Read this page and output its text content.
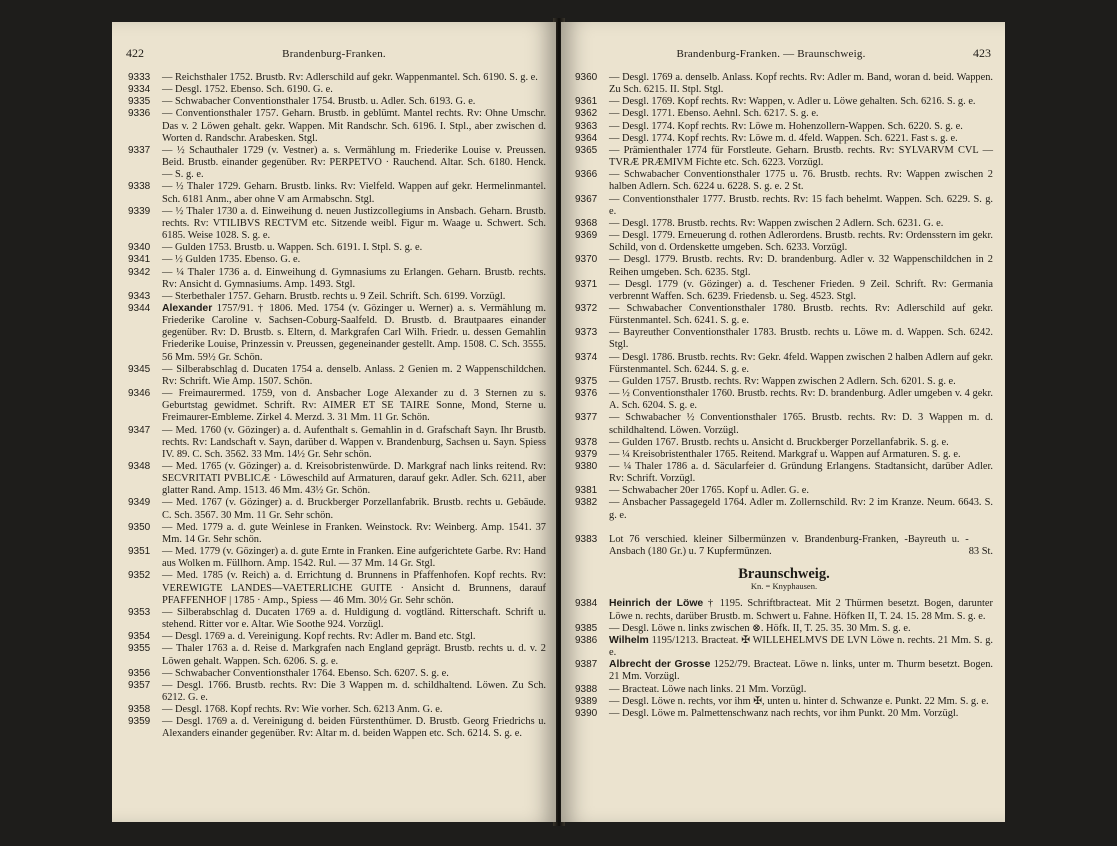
422	Brandenburg-Franken.
9333	— Reichsthaler 1752. Brustb. Rv: Adlerschild auf gekr. Wappenmantel. Sch. 6190. S. g. e.
9334	— Desgl. 1752. Ebenso. Sch. 6190. G. e.
9335	— Schwabacher Conventionsthaler 1754. Brustb. u. Adler. Sch. 6193. G. e.
9336	— Conventionsthaler 1757. Geharn. Brustb. in geblümt. Mantel rechts. Rv: Ohne Umschr. Das v. 2 Löwen gehalt. gekr. Wappen. Mit Randschr. Sch. 6196. I. Stpl., aber zwischen d. Worten d. Randschr. Arabesken. Stgl.
9337	— ½ Schauthaler 1729 (v. Vestner) a. s. Vermählung m. Friederike Louise v. Preussen. Beid. Brustb. einander gegenüber. Rv: PERPETVO · Rauchend. Altar. Sch. 6180. Henck. — S. g. e.
9338	— ½ Thaler 1729. Geharn. Brustb. links. Rv: Vielfeld. Wappen auf gekr. Hermelinmantel. Sch. 6181 Anm., aber ohne V am Armabschn. Stgl.
9339	— ½ Thaler 1730 a. d. Einweihung d. neuen Justizcollegiums in Ansbach. Geharn. Brustb. rechts. Rv: VTILIBVS RECTVM etc. Sitzende weibl. Figur m. Waage u. Schwert. Sch. 6185. Weise 1028. S. g. e.
9340	— Gulden 1753. Brustb. u. Wappen. Sch. 6191. I. Stpl. S. g. e.
9341	— ½ Gulden 1735. Ebenso. G. e.
9342	— ¼ Thaler 1736 a. d. Einweihung d. Gymnasiums zu Erlangen. Geharn. Brustb. rechts. Rv: Ansicht d. Gymnasiums. Amp. 1493. Stgl.
9343	— Sterbethaler 1757. Geharn. Brustb. rechts u. 9 Zeil. Schrift. Sch. 6199. Vorzügl.
9344	Alexander 1757/91. † 1806. Med. 1754 (v. Gözinger u. Werner) a. s. Vermählung m. Friederike Caroline v. Sachsen-Coburg-Saalfeld. D. Brustb. d. Brautpaares einander gegenüber. Rv: D. Brustb. s. Eltern, d. Markgrafen Carl Wilh. Friedr. u. dessen Gemahlin Friederike Louise, Prinzessin v. Preussen, gegeneinander gestellt. Amp. 1508. C. Sch. 3555. 56 Mm. 59½ Gr. Schön.
9345	— Silberabschlag d. Ducaten 1754 a. denselb. Anlass. 2 Genien m. 2 Wappenschildchen. Rv: Schrift. Wie Amp. 1507. Schön.
9346	— Freimaurermed. 1759, von d. Ansbacher Loge Alexander zu d. 3 Sternen zu s. Geburtstag gewidmet. Schrift. Rv: AIMER ET SE TAIRE Sonne, Mond, Sterne u. Freimaurer-Embleme. Zirkel 4. Merzd. 3. 31 Mm. 11 Gr. Schön.
9347	— Med. 1760 (v. Gözinger) a. d. Aufenthalt s. Gemahlin in d. Grafschaft Sayn. Ihr Brustb. rechts. Rv: Landschaft v. Sayn, darüber d. Wappen v. Brandenburg, Sachsen u. Sayn. Spiess IV. 89. C. Sch. 3562. 33 Mm. 14½ Gr. Sehr schön.
9348	— Med. 1765 (v. Gözinger) a. d. Kreisobristenwürde. D. Markgraf nach links reitend. Rv: SECVRITATI PVBLICÆ · Löweschild auf Armaturen, darauf gekr. Adler. Sch. 6211, aber glatter Rand. Amp. 1513. 46 Mm. 43½ Gr. Schön.
9349	— Med. 1767 (v. Gözinger) a. d. Bruckberger Porzellanfabrik. Brustb. rechts u. Gebäude. C. Sch. 3567. 30 Mm. 11 Gr. Sehr schön.
9350	— Med. 1779 a. d. gute Weinlese in Franken. Weinstock. Rv: Weinberg. Amp. 1541. 37 Mm. 14 Gr. Sehr schön.
9351	— Med. 1779 (v. Gözinger) a. d. gute Ernte in Franken. Eine aufgerichtete Garbe. Rv: Hand aus Wolken m. Füllhorn. Amp. 1542. Rul. — 37 Mm. 14 Gr. Stgl.
9352	— Med. 1785 (v. Reich) a. d. Errichtung d. Brunnens in Pfaffenhofen. Kopf rechts. Rv: VEREWIGTE LANDES—VAETERLICHE GUITE · Ansicht d. Brunnens, darauf PFAFFENHOF | 1785 · Amp., Spiess — 46 Mm. 30½ Gr. Sehr schön.
9353	— Silberabschlag d. Ducaten 1769 a. d. Huldigung d. vogtländ. Ritterschaft. Schrift u. stehend. Ritter vor e. Altar. Wie Soothe 924. Vorzügl.
9354	— Desgl. 1769 a. d. Vereinigung. Kopf rechts. Rv: Adler m. Band etc. Stgl.
9355	— Thaler 1763 a. d. Reise d. Markgrafen nach England geprägt. Brustb. rechts u. d. v. 2 Löwen gehalt. Wappen. Sch. 6206. S. g. e.
9356	— Schwabacher Conventionsthaler 1764. Ebenso. Sch. 6207. S. g. e.
9357	— Desgl. 1766. Brustb. rechts. Rv: Die 3 Wappen m. d. schildhaltend. Löwen. Zu Sch. 6212. G. e.
9358	— Desgl. 1768. Kopf rechts. Rv: Wie vorher. Sch. 6213 Anm. G. e.
9359	— Desgl. 1769 a. d. Vereinigung d. beiden Fürstenthümer. D. Brustb. Georg Friedrichs u. Alexanders einander gegenüber. Rv: Altar m. d. beiden Wappen etc. Sch. 6214. S. g. e.
Brandenburg-Franken. — Braunschweig.	423
9360	— Desgl. 1769 a. denselb. Anlass. Kopf rechts. Rv: Adler m. Band, woran d. beid. Wappen. Zu Sch. 6215. II. Stpl. Stgl.
9361	— Desgl. 1769. Kopf rechts. Rv: Wappen, v. Adler u. Löwe gehalten. Sch. 6216. S. g. e.
9362	— Desgl. 1771. Ebenso. Aehnl. Sch. 6217. S. g. e.
9363	— Desgl. 1774. Kopf rechts. Rv: Löwe m. Hohenzollern-Wappen. Sch. 6220. S. g. e.
9364	— Desgl. 1774. Kopf rechts. Rv: Löwe m. d. 4feld. Wappen. Sch. 6221. Fast s. g. e.
9365	— Prämienthaler 1774 für Forstleute. Geharn. Brustb. rechts. Rv: SYLVARVM CVL — TVRÆ PRÆMIVM Fichte etc. Sch. 6223. Vorzügl.
9366	— Schwabacher Conventionsthaler 1775 u. 76. Brustb. rechts. Rv: Wappen zwischen 2 halben Adlern. Sch. 6224 u. 6228. S. g. e. 2 St.
9367	— Conventionsthaler 1777. Brustb. rechts. Rv: 15 fach behelmt. Wappen. Sch. 6229. S. g. e.
9368	— Desgl. 1778. Brustb. rechts. Rv: Wappen zwischen 2 Adlern. Sch. 6231. G. e.
9369	— Desgl. 1779. Erneuerung d. rothen Adlerordens. Brustb. rechts. Rv: Ordensstern im gekr. Schild, von d. Ordenskette umgeben. Sch. 6233. Vorzügl.
9370	— Desgl. 1779. Brustb. rechts. Rv: D. brandenburg. Adler v. 32 Wappenschildchen in 2 Reihen umgeben. Sch. 6235. Stgl.
9371	— Desgl. 1779 (v. Gözinger) a. d. Teschener Frieden. 9 Zeil. Schrift. Rv: Germania verbrennt Waffen. Sch. 6239. Friedensb. u. Seg. 4523. Stgl.
9372	— Schwabacher Conventionsthaler 1780. Brustb. rechts. Rv: Adlerschild auf gekr. Fürstenmantel. Sch. 6241. S. g. e.
9373	— Bayreuther Conventionsthaler 1783. Brustb. rechts u. Löwe m. d. Wappen. Sch. 6242. Stgl.
9374	— Desgl. 1786. Brustb. rechts. Rv: Gekr. 4feld. Wappen zwischen 2 halben Adlern auf gekr. Fürstenmantel. Sch. 6244. S. g. e.
9375	— Gulden 1757. Brustb. rechts. Rv: Wappen zwischen 2 Adlern. Sch. 6201. S. g. e.
9376	— ½ Conventionsthaler 1760. Brustb. rechts. Rv: D. brandenburg. Adler umgeben v. 4 gekr. A. Sch. 6204. S. g. e.
9377	— Schwabacher ½ Conventionsthaler 1765. Brustb. rechts. Rv: D. 3 Wappen m. d. schildhaltend. Löwen. Vorzügl.
9378	— Gulden 1767. Brustb. rechts u. Ansicht d. Bruckberger Porzellanfabrik. S. g. e.
9379	— ¼ Kreisobristenthaler 1765. Reitend. Markgraf u. Wappen auf Armaturen. S. g. e.
9380	— ¼ Thaler 1786 a. d. Säcularfeier d. Gründung Erlangens. Stadtansicht, darüber Adler. Rv: Schrift. Vorzügl.
9381	— Schwabacher 20er 1765. Kopf u. Adler. G. e.
9382	— Ansbacher Passagegeld 1764. Adler m. Zollernschild. Rv: 2 im Kranze. Neum. 6643. S. g. e.
9383	Lot 76 verschied. kleiner Silbermünzen v. Brandenburg-Franken, -Bayreuth u. -Ansbach (180 Gr.) u. 7 Kupfermünzen.	83 St.
Braunschweig.
Kn. = Knyphausen.
9384	Heinrich der Löwe † 1195. Schriftbracteat. Mit 2 Thürmen besetzt. Bogen, darunter Löwe n. rechts, darüber Brustb. m. Schwert u. Fahne. Höfken II, T. 24. 15. 28 Mm. S. g. e.
9385	— Desgl. Löwe n. links zwischen ⊗. Höfk. II, T. 25. 35. 30 Mm. S. g. e.
9386	Wilhelm 1195/1213. Bracteat. ✠ WILLEHELMVS DE LVN Löwe n. rechts. 21 Mm. S. g. e.
9387	Albrecht der Grosse 1252/79. Bracteat. Löwe n. links, unter m. Thurm besetzt. Bogen. 21 Mm. Vorzügl.
9388	— Bracteat. Löwe nach links. 21 Mm. Vorzügl.
9389	— Desgl. Löwe n. rechts, vor ihm ✠, unten u. hinter d. Schwanze e. Punkt. 22 Mm. S. g. e.
9390	— Desgl. Löwe m. Palmettenschwanz nach rechts, vor ihm Punkt. 20 Mm. Vorzügl.
